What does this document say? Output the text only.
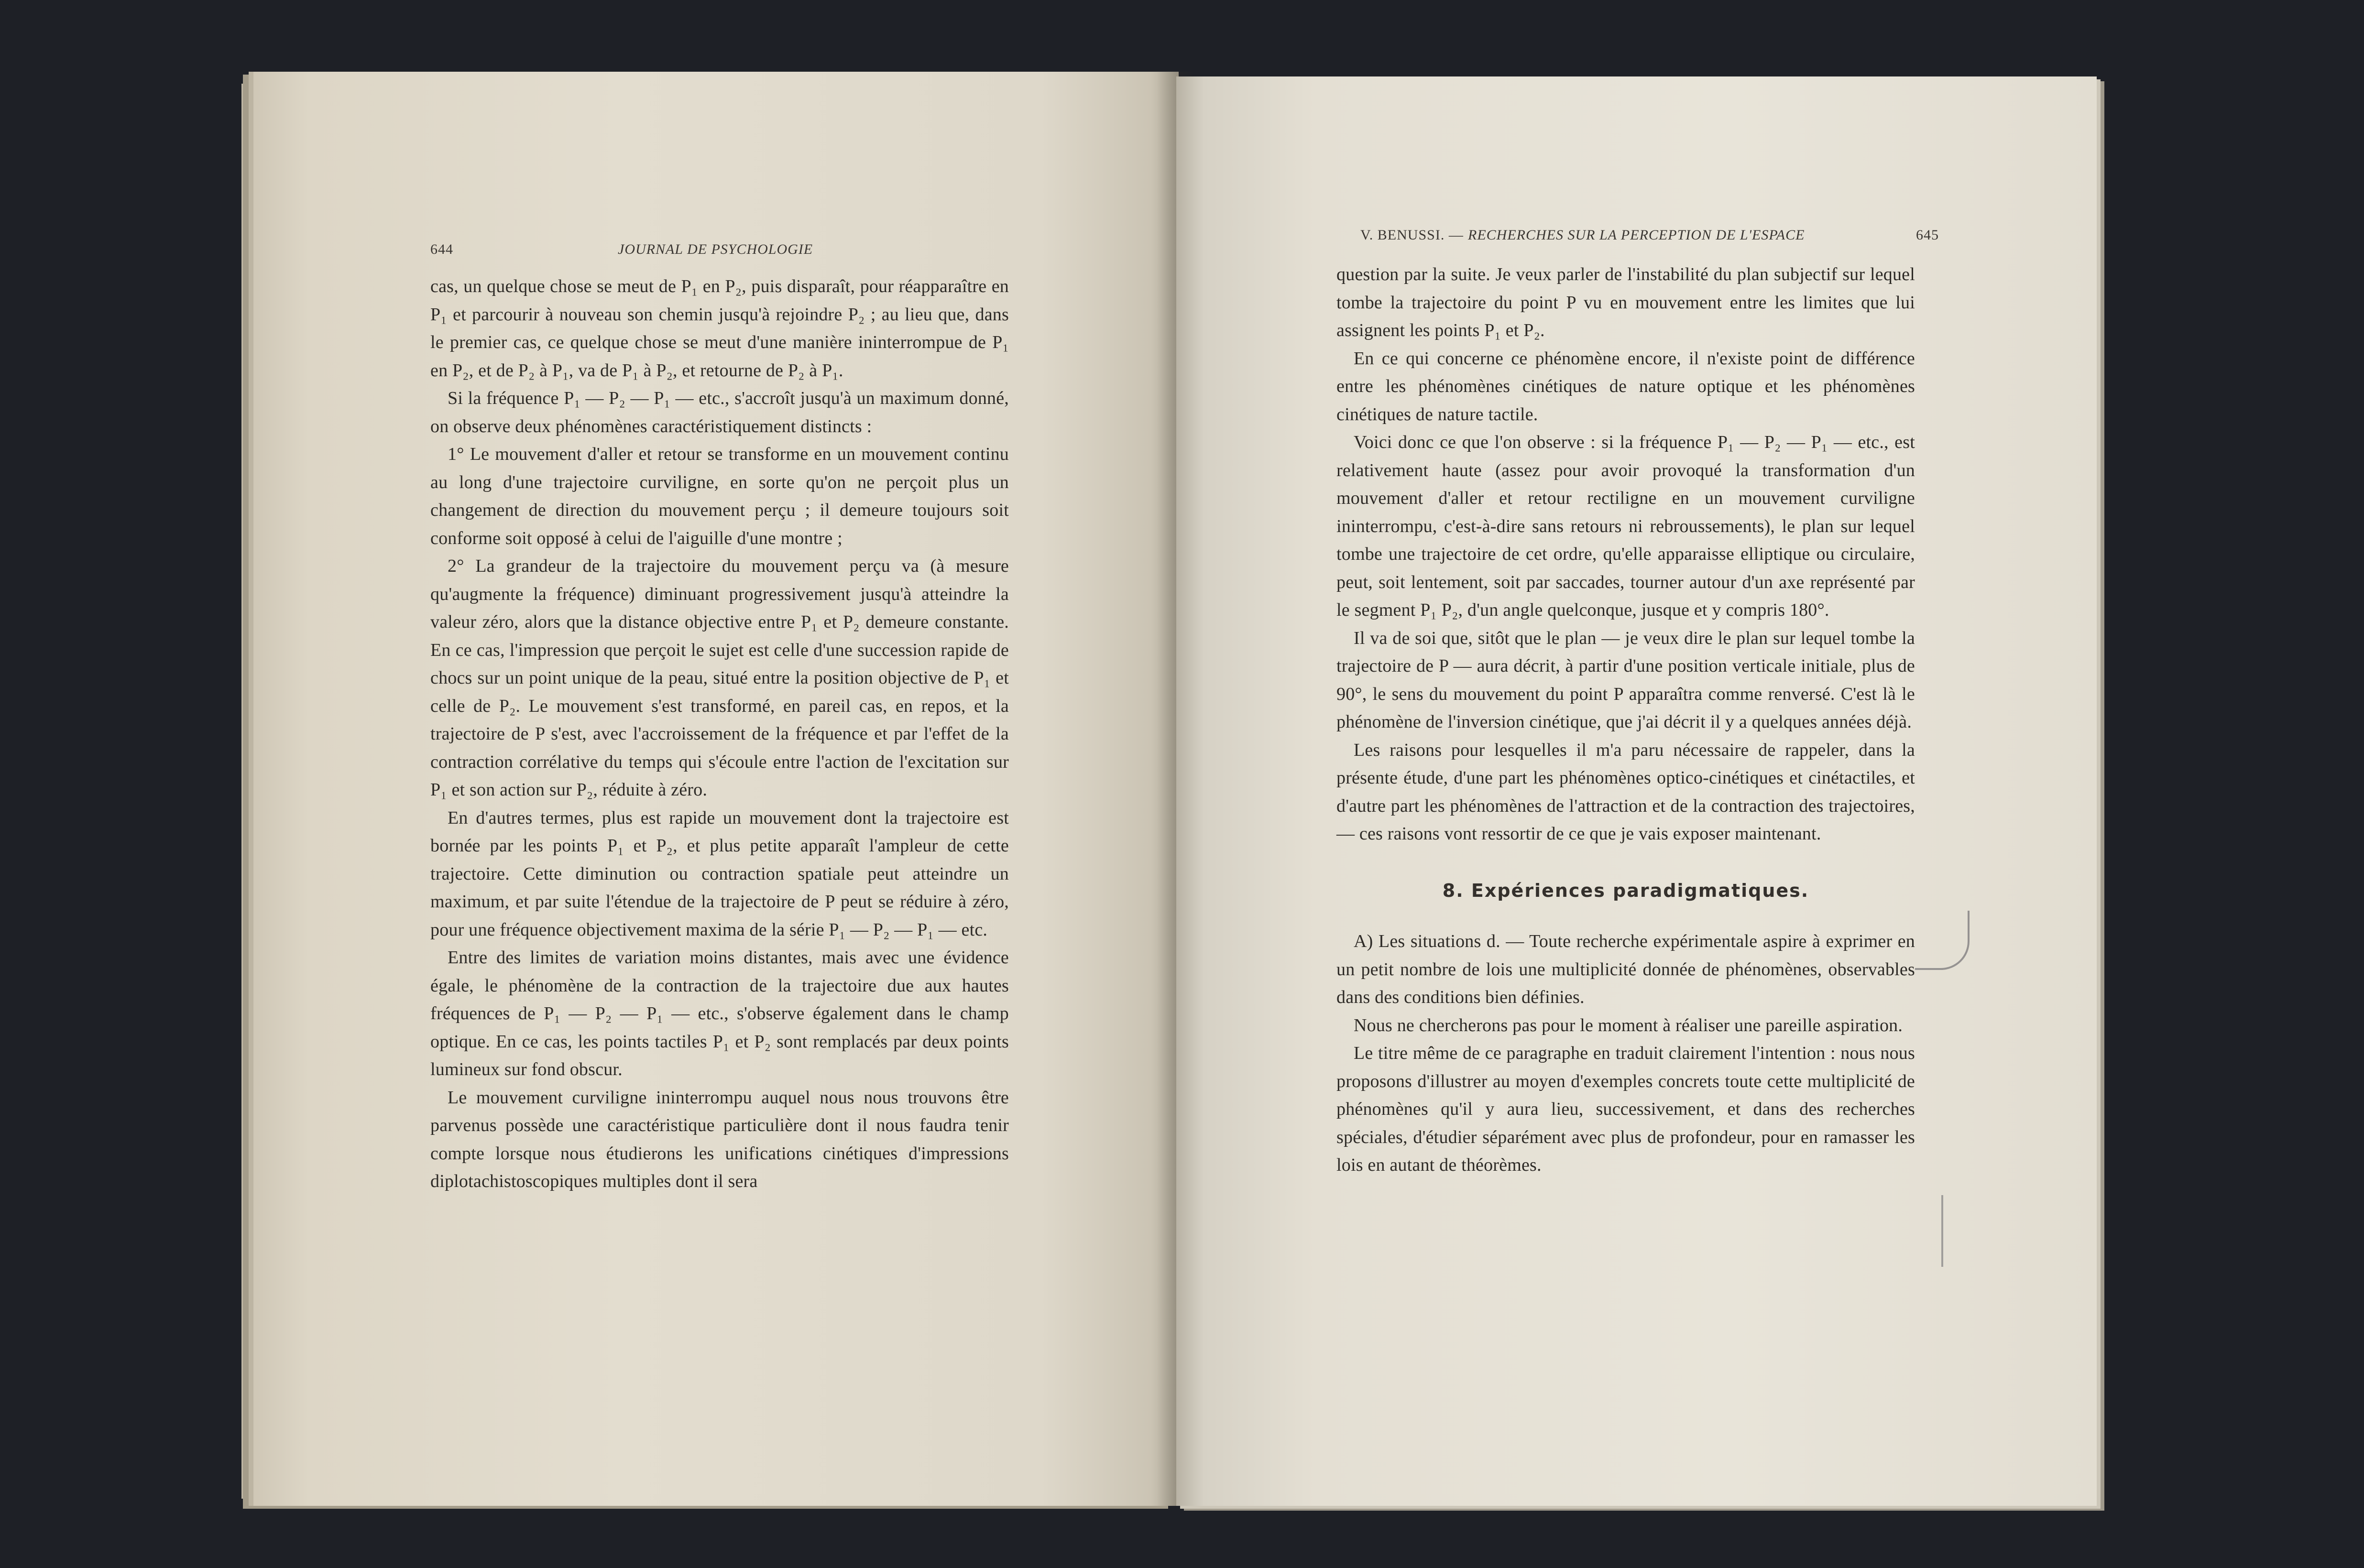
644	JOURNAL DE PSYCHOLOGIE

cas, un quelque chose se meut de P₁ en P₂, puis disparaît, pour réapparaître en P₁ et parcourir à nouveau son chemin jusqu'à rejoindre P₂ ; au lieu que, dans le premier cas, ce quelque chose se meut d'une manière ininterrompue de P₁ en P₂, et de P₂ à P₁, va de P₁ à P₂, et retourne de P₂ à P₁.

Si la fréquence P₁ — P₂ — P₁ — etc., s'accroît jusqu'à un maximum donné, on observe deux phénomènes caractéristiquement distincts :

1° Le mouvement d'aller et retour se transforme en un mouvement continu au long d'une trajectoire curviligne, en sorte qu'on ne perçoit plus un changement de direction du mouvement perçu ; il demeure toujours soit conforme soit opposé à celui de l'aiguille d'une montre ;

2° La grandeur de la trajectoire du mouvement perçu va (à mesure qu'augmente la fréquence) diminuant progressivement jusqu'à atteindre la valeur zéro, alors que la distance objective entre P₁ et P₂ demeure constante. En ce cas, l'impression que perçoit le sujet est celle d'une succession rapide de chocs sur un point unique de la peau, situé entre la position objective de P₁ et celle de P₂. Le mouvement s'est transformé, en pareil cas, en repos, et la trajectoire de P s'est, avec l'accroissement de la fréquence et par l'effet de la contraction corrélative du temps qui s'écoule entre l'action de l'excitation sur P₁ et son action sur P₂, réduite à zéro.

En d'autres termes, plus est rapide un mouvement dont la trajectoire est bornée par les points P₁ et P₂, et plus petite apparaît l'ampleur de cette trajectoire. Cette diminution ou contraction spatiale peut atteindre un maximum, et par suite l'étendue de la trajectoire de P peut se réduire à zéro, pour une fréquence objectivement maxima de la série P₁ — P₂ — P₁ — etc.

Entre des limites de variation moins distantes, mais avec une évidence égale, le phénomène de la contraction de la trajectoire due aux hautes fréquences de P₁ — P₂ — P₁ — etc., s'observe également dans le champ optique. En ce cas, les points tactiles P₁ et P₂ sont remplacés par deux points lumineux sur fond obscur.

Le mouvement curviligne ininterrompu auquel nous nous trouvons être parvenus possède une caractéristique particulière dont il nous faudra tenir compte lorsque nous étudierons les unifications cinétiques d'impressions diplotachistoscopiques multiples dont il sera

V. BENUSSI. — RECHERCHES SUR LA PERCEPTION DE L'ESPACE	645

question par la suite. Je veux parler de l'instabilité du plan subjectif sur lequel tombe la trajectoire du point P vu en mouvement entre les limites que lui assignent les points P₁ et P₂.

En ce qui concerne ce phénomène encore, il n'existe point de différence entre les phénomènes cinétiques de nature optique et les phénomènes cinétiques de nature tactile.

Voici donc ce que l'on observe : si la fréquence P₁ — P₂ — P₁ — etc., est relativement haute (assez pour avoir provoqué la transformation d'un mouvement d'aller et retour rectiligne en un mouvement curviligne ininterrompu, c'est-à-dire sans retours ni rebroussements), le plan sur lequel tombe une trajectoire de cet ordre, qu'elle apparaisse elliptique ou circulaire, peut, soit lentement, soit par saccades, tourner autour d'un axe représenté par le segment P₁ P₂, d'un angle quelconque, jusque et y compris 180°.

Il va de soi que, sitôt que le plan — je veux dire le plan sur lequel tombe la trajectoire de P — aura décrit, à partir d'une position verticale initiale, plus de 90°, le sens du mouvement du point P apparaîtra comme renversé. C'est là le phénomène de l'inversion cinétique, que j'ai décrit il y a quelques années déjà.

Les raisons pour lesquelles il m'a paru nécessaire de rappeler, dans la présente étude, d'une part les phénomènes optico-cinétiques et cinétactiles, et d'autre part les phénomènes de l'attraction et de la contraction des trajectoires, — ces raisons vont ressortir de ce que je vais exposer maintenant.

8. Expériences paradigmatiques.

A) Les situations d. — Toute recherche expérimentale aspire à exprimer en un petit nombre de lois une multiplicité donnée de phénomènes, observables dans des conditions bien définies.

Nous ne chercherons pas pour le moment à réaliser une pareille aspiration.

Le titre même de ce paragraphe en traduit clairement l'intention : nous nous proposons d'illustrer au moyen d'exemples concrets toute cette multiplicité de phénomènes qu'il y aura lieu, successivement, et dans des recherches spéciales, d'étudier séparément avec plus de profondeur, pour en ramasser les lois en autant de théorèmes.
